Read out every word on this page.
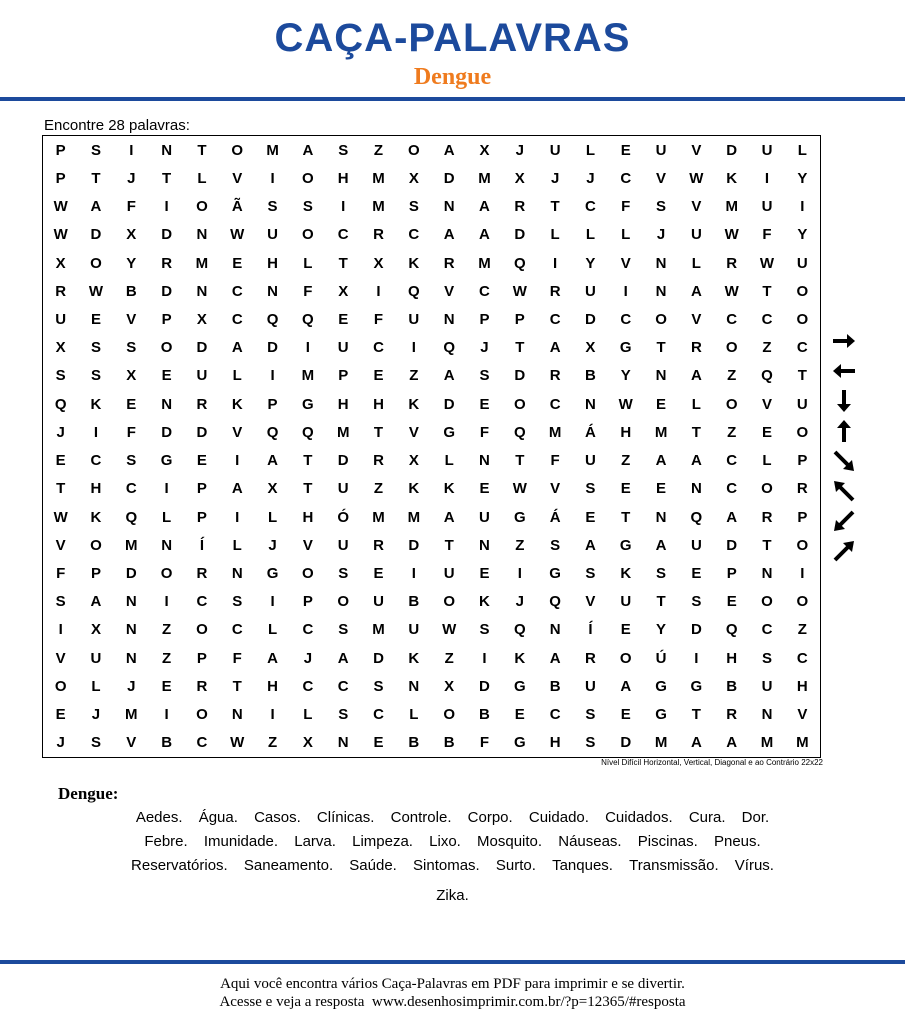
CAÇA-PALAVRAS
Dengue
Encontre 28 palavras:
P	S	I	N	T	O	M	A	S	Z	O	A	X	J	U	L	E	U	V	D	U	L
P	T	J	T	L	V	I	O	H	M	X	D	M	X	J	J	C	V	W	K	I	Y
W	A	F	I	O	Ã	S	S	I	M	S	N	A	R	T	C	F	S	V	M	U	I
W	D	X	D	N	W	U	O	C	R	C	A	A	D	L	L	L	J	U	W	F	Y
X	O	Y	R	M	E	H	L	T	X	K	R	M	Q	I	Y	V	N	L	R	W	U
R	W	B	D	N	C	N	F	X	I	Q	V	C	W	R	U	I	N	A	W	T	O
U	E	V	P	X	C	Q	Q	E	F	U	N	P	P	C	D	C	O	V	C	C	O
X	S	S	O	D	A	D	I	U	C	I	Q	J	T	A	X	G	T	R	O	Z	C
S	S	X	E	U	L	I	M	P	E	Z	A	S	D	R	B	Y	N	A	Z	Q	T
Q	K	E	N	R	K	P	G	H	H	K	D	E	O	C	N	W	E	L	O	V	U
J	I	F	D	D	V	Q	Q	M	T	V	G	F	Q	M	Á	H	M	T	Z	E	O
E	C	S	G	E	I	A	T	D	R	X	L	N	T	F	U	Z	A	A	C	L	P
T	H	C	I	P	A	X	T	U	Z	K	K	E	W	V	S	E	E	N	C	O	R
W	K	Q	L	P	I	L	H	Ó	M	M	A	U	G	Á	E	T	N	Q	A	R	P
V	O	M	N	Í	L	J	V	U	R	D	T	N	Z	S	A	G	A	U	D	T	O
F	P	D	O	R	N	G	O	S	E	I	U	E	I	G	S	K	S	E	P	N	I
S	A	N	I	C	S	I	P	O	U	B	O	K	J	Q	V	U	T	S	E	O	O
I	X	N	Z	O	C	L	C	S	M	U	W	S	Q	N	Í	E	Y	D	Q	C	Z
V	U	N	Z	P	F	A	J	A	D	K	Z	I	K	A	R	O	Ú	I	H	S	C
O	L	J	E	R	T	H	C	C	S	N	X	D	G	B	U	A	G	G	B	U	H
E	J	M	I	O	N	I	L	S	C	L	O	B	E	C	S	E	G	T	R	N	V
J	S	V	B	C	W	Z	X	N	E	B	B	F	G	H	S	D	M	A	A	M	M
Nível Difícil Horizontal, Vertical, Diagonal e ao Contrário 22x22
Dengue:
Aedes. Água. Casos. Clínicas. Controle. Corpo. Cuidado. Cuidados. Cura. Dor.
Febre. Imunidade. Larva. Limpeza. Lixo. Mosquito. Náuseas. Piscinas. Pneus.
Reservatórios. Saneamento. Saúde. Sintomas. Surto. Tanques. Transmissão. Vírus.
Zika.
Aqui você encontra vários Caça-Palavras em PDF para imprimir e se divertir.
Acesse e veja a resposta  www.desenhosimprimir.com.br/?p=12365/#resposta
